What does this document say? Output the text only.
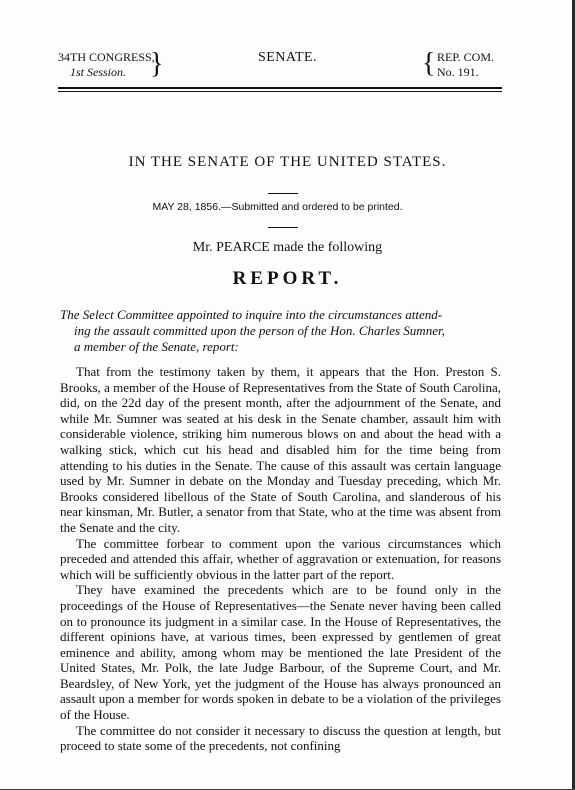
34TH CONGRESS,
1st Session. }	SENATE.	{ REP. COM.
No. 191.
IN THE SENATE OF THE UNITED STATES.
MAY 28, 1856.—Submitted and ordered to be printed.
Mr. PEARCE made the following
REPORT.
The Select Committee appointed to inquire into the circumstances attend-
ing the assault committed upon the person of the Hon. Charles Sumner,
a member of the Senate, report:

That from the testimony taken by them, it appears that the Hon. Preston S. Brooks, a member of the House of Representatives from the State of South Carolina, did, on the 22d day of the present month, after the adjournment of the Senate, and while Mr. Sumner was seated at his desk in the Senate chamber, assault him with considerable violence, striking him numerous blows on and about the head with a walking stick, which cut his head and disabled him for the time being from attending to his duties in the Senate. The cause of this assault was certain language used by Mr. Sumner in debate on the Monday and Tuesday preceding, which Mr. Brooks considered libellous of the State of South Carolina, and slanderous of his near kinsman, Mr. Butler, a senator from that State, who at the time was absent from the Senate and the city.

The committee forbear to comment upon the various circumstances which preceded and attended this affair, whether of aggravation or extenuation, for reasons which will be sufficiently obvious in the latter part of the report.

They have examined the precedents which are to be found only in the proceedings of the House of Representatives—the Senate never having been called on to pronounce its judgment in a similar case. In the House of Representatives, the different opinions have, at various times, been expressed by gentlemen of great eminence and ability, among whom may be mentioned the late President of the United States, Mr. Polk, the late Judge Barbour, of the Supreme Court, and Mr. Beardsley, of New York, yet the judgment of the House has always pronounced an assault upon a member for words spoken in debate to be a violation of the privileges of the House.

The committee do not consider it necessary to discuss the question at length, but proceed to state some of the precedents, not confining
